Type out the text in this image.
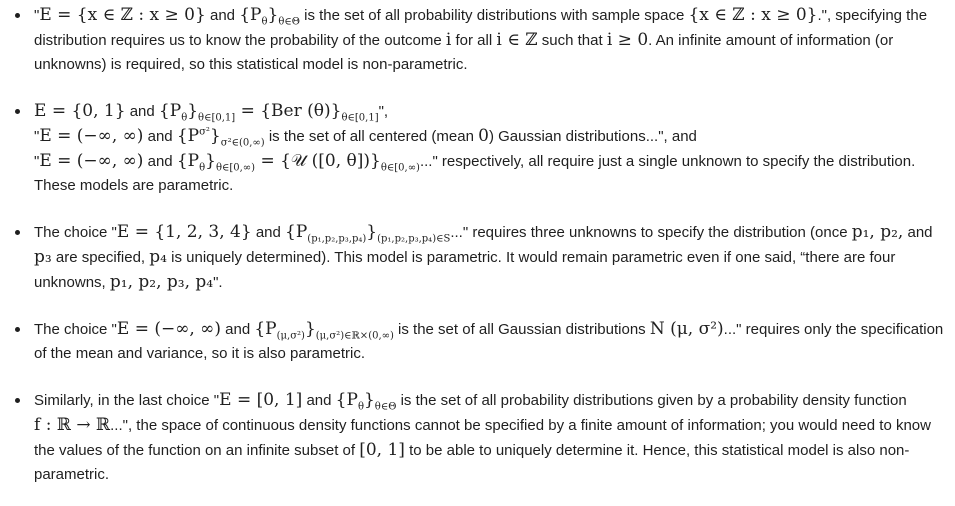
"E = {x ∈ ℤ : x ≥ 0} and $\{P_\theta\}_{\theta\in\Theta}$ is the set of all probability distributions with sample space {x ∈ ℤ : x ≥ 0}.", specifying the distribution requires us to know the probability of the outcome i for all i ∈ ℤ such that i ≥ 0. An infinite amount of information (or unknowns) is required, so this statistical model is non-parametric.

E = {0, 1} and $\{P_\theta\}_{\theta\in[0,1]} = \{Ber$ $(\theta)\}_{\theta\in[0,1]}$",

"E = (−∞, ∞) and $\{P^{\sigma^2}\}_{\sigma^2\in(0,\infty)}$ is the set of all centered (mean 0) Gaussian distributions...", and

"E = (−∞, ∞) and $\{P_\theta\}_{\theta\in[0,\infty)}$ = {𝒰 ([0, $\theta])\}_{\theta\in[0,\infty)}$..." respectively, all require just a single unknown to specify the distribution. These models are parametric.

The choice "E = {1, 2, 3, 4} and $\{P_{(p_1,p_2,p_3,p_4)}\}_{(p_1,p_2,p_3,p_4)\in S}$..." requires three unknowns to specify the distribution (once p₁, p₂, and p₃ are specified, p₄ is uniquely determined). This model is parametric. It would remain parametric even if one said, “there are four unknowns, p₁, p₂, p₃, p₄".
The choice "E = (−∞, ∞) and $\{P_{(\mu,\sigma^2)}\}_{(\mu,\sigma^2)\in ℝ\times(0,\infty)}$ is the set of all Gaussian distributions N (μ, σ²)..." requires only the specification of the mean and variance, so it is also parametric.
Similarly, in the last choice "E = [0, 1] and $\{P_\theta\}_{\theta\in\Theta}$ is the set of all probability distributions given by a probability density function f : ℝ → ℝ...", the space of continuous density functions cannot be specified by a finite amount of information; you would need to know the values of the function on an infinite subset of [0, 1] to be able to uniquely determine it. Hence, this statistical model is also non-parametric.
